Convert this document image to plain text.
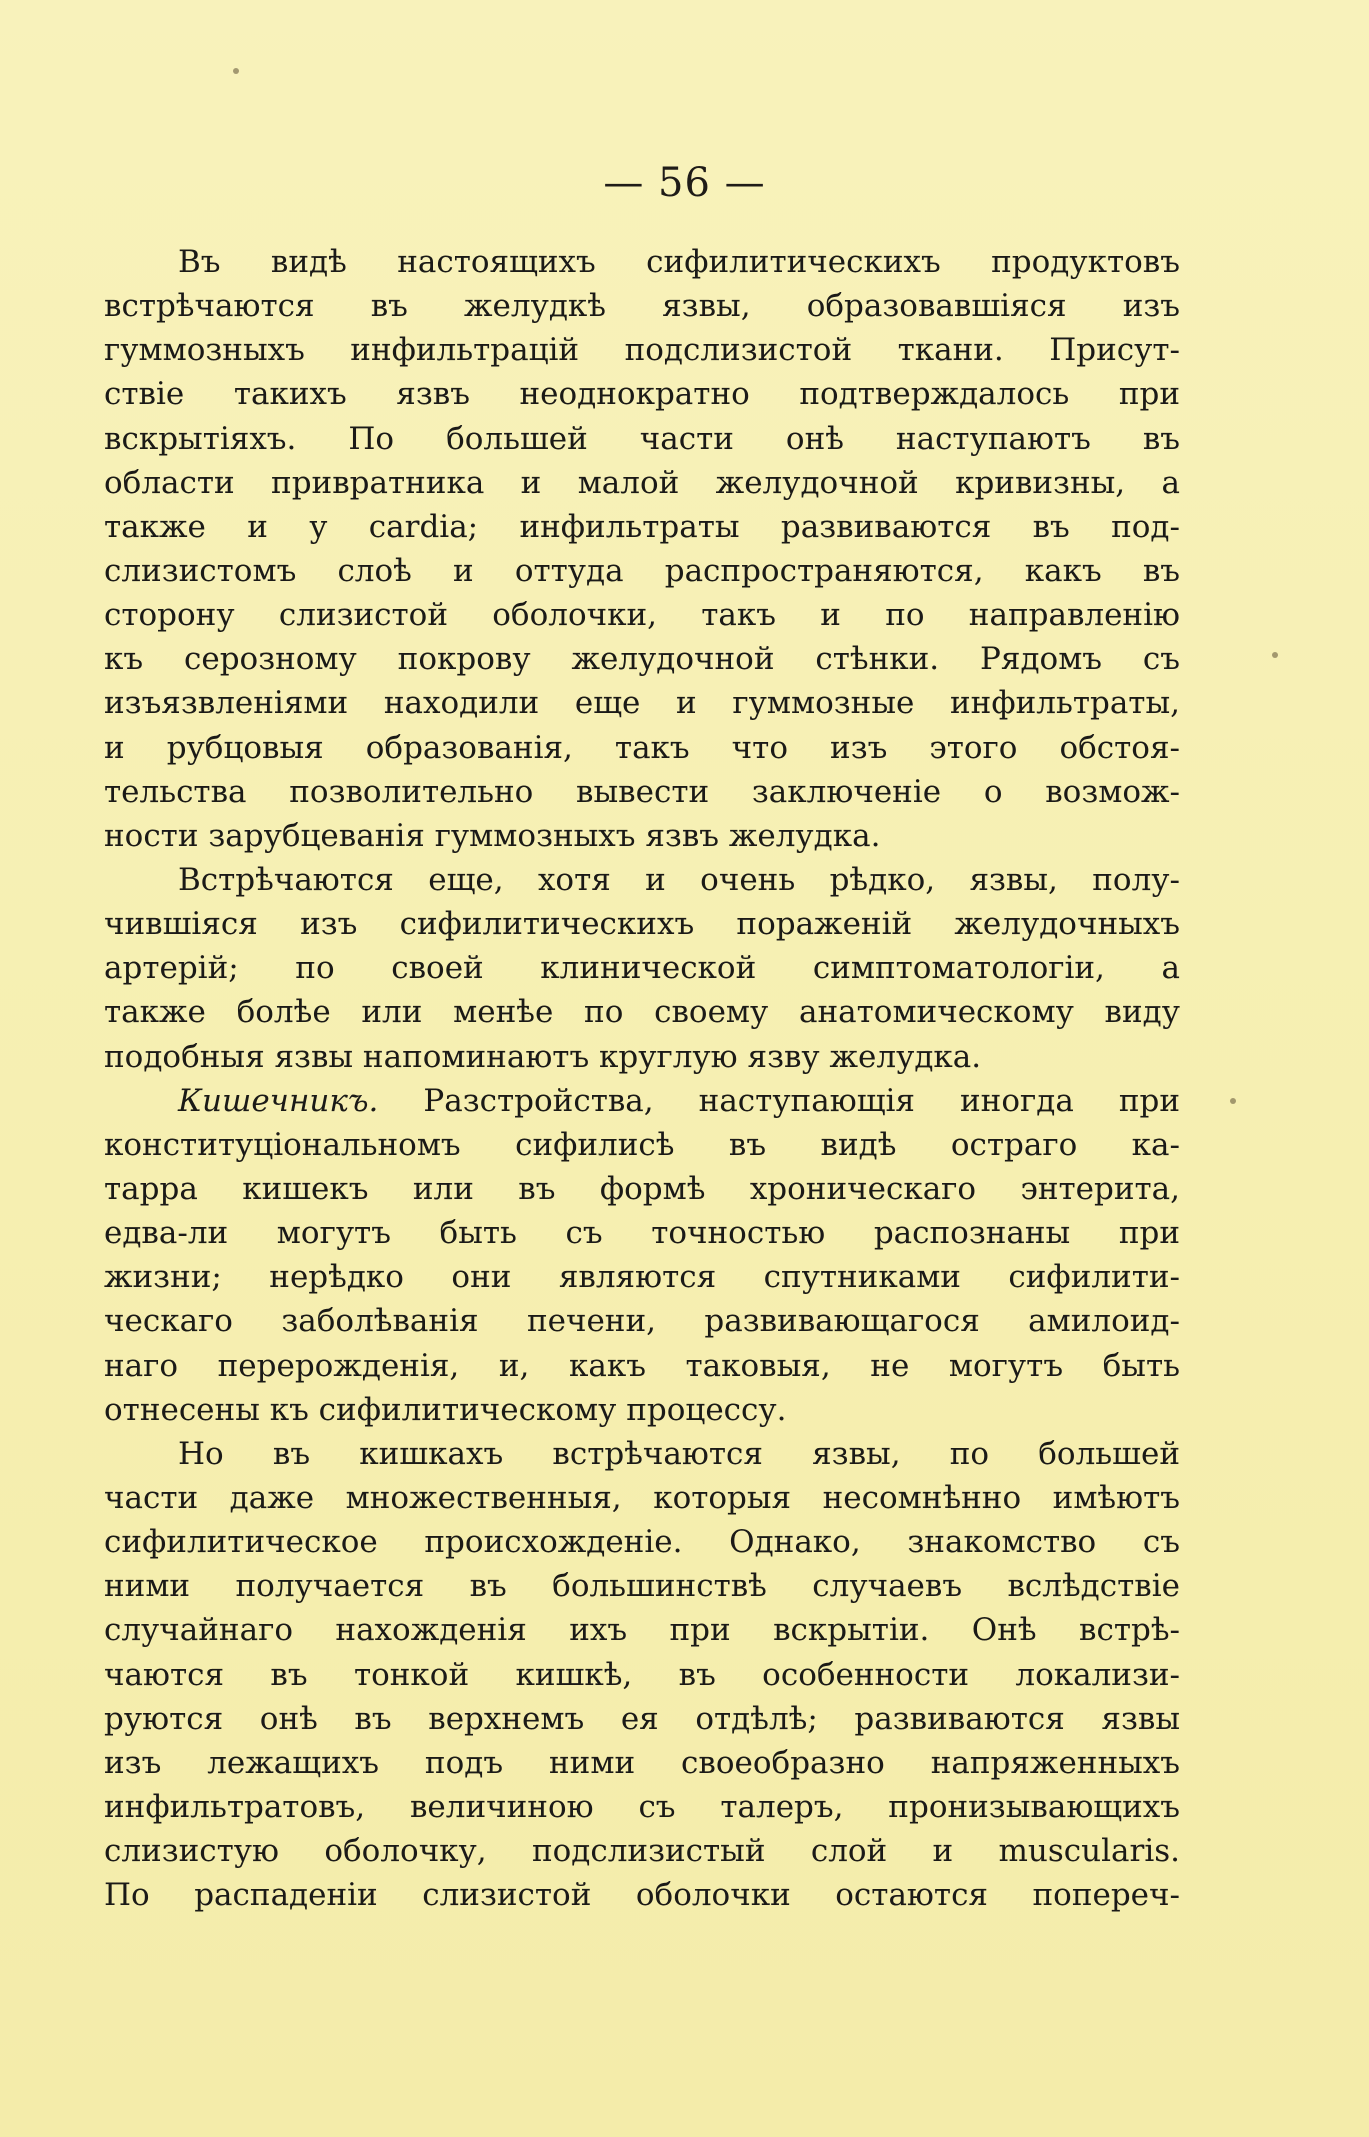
— 56 —
Въ видѣ настоящихъ сифилитическихъ продуктовъ
встрѣчаются въ желудкѣ язвы, образовавшіяся изъ
гуммозныхъ инфильтрацій подслизистой ткани. Присут-
ствіе такихъ язвъ неоднократно подтверждалось при
вскрытіяхъ. По большей части онѣ наступаютъ въ
области привратника и малой желудочной кривизны, а
также и у cardia; инфильтраты развиваются въ под-
слизистомъ слоѣ и оттуда распространяются, какъ въ
сторону слизистой оболочки, такъ и по направленію
къ серозному покрову желудочной стѣнки. Рядомъ съ
изъязвленіями находили еще и гуммозные инфильтраты,
и рубцовыя образованія, такъ что изъ этого обстоя-
тельства позволительно вывести заключеніе о возмож-
ности зарубцеванія гуммозныхъ язвъ желудка.
Встрѣчаются еще, хотя и очень рѣдко, язвы, полу-
чившіяся изъ сифилитическихъ пораженій желудочныхъ
артерій; по своей клинической симптоматологіи, а
также болѣе или менѣе по своему анатомическому виду
подобныя язвы напоминаютъ круглую язву желудка.
Кишечникъ. Разстройства, наступающія иногда при
конституціональномъ сифилисѣ въ видѣ остраго ка-
тарра кишекъ или въ формѣ хроническаго энтерита,
едва-ли могутъ быть съ точностью распознаны при
жизни; нерѣдко они являются спутниками сифилити-
ческаго заболѣванія печени, развивающагося амилоид-
наго перерожденія, и, какъ таковыя, не могутъ быть
отнесены къ сифилитическому процессу.
Но въ кишкахъ встрѣчаются язвы, по большей
части даже множественныя, которыя несомнѣнно имѣютъ
сифилитическое происхожденіе. Однако, знакомство съ
ними получается въ большинствѣ случаевъ вслѣдствіе
случайнаго нахожденія ихъ при вскрытіи. Онѣ встрѣ-
чаются въ тонкой кишкѣ, въ особенности локализи-
руются онѣ въ верхнемъ ея отдѣлѣ; развиваются язвы
изъ лежащихъ подъ ними своеобразно напряженныхъ
инфильтратовъ, величиною съ талеръ, пронизывающихъ
слизистую оболочку, подслизистый слой и muscularis.
По распаденіи слизистой оболочки остаются попереч-
